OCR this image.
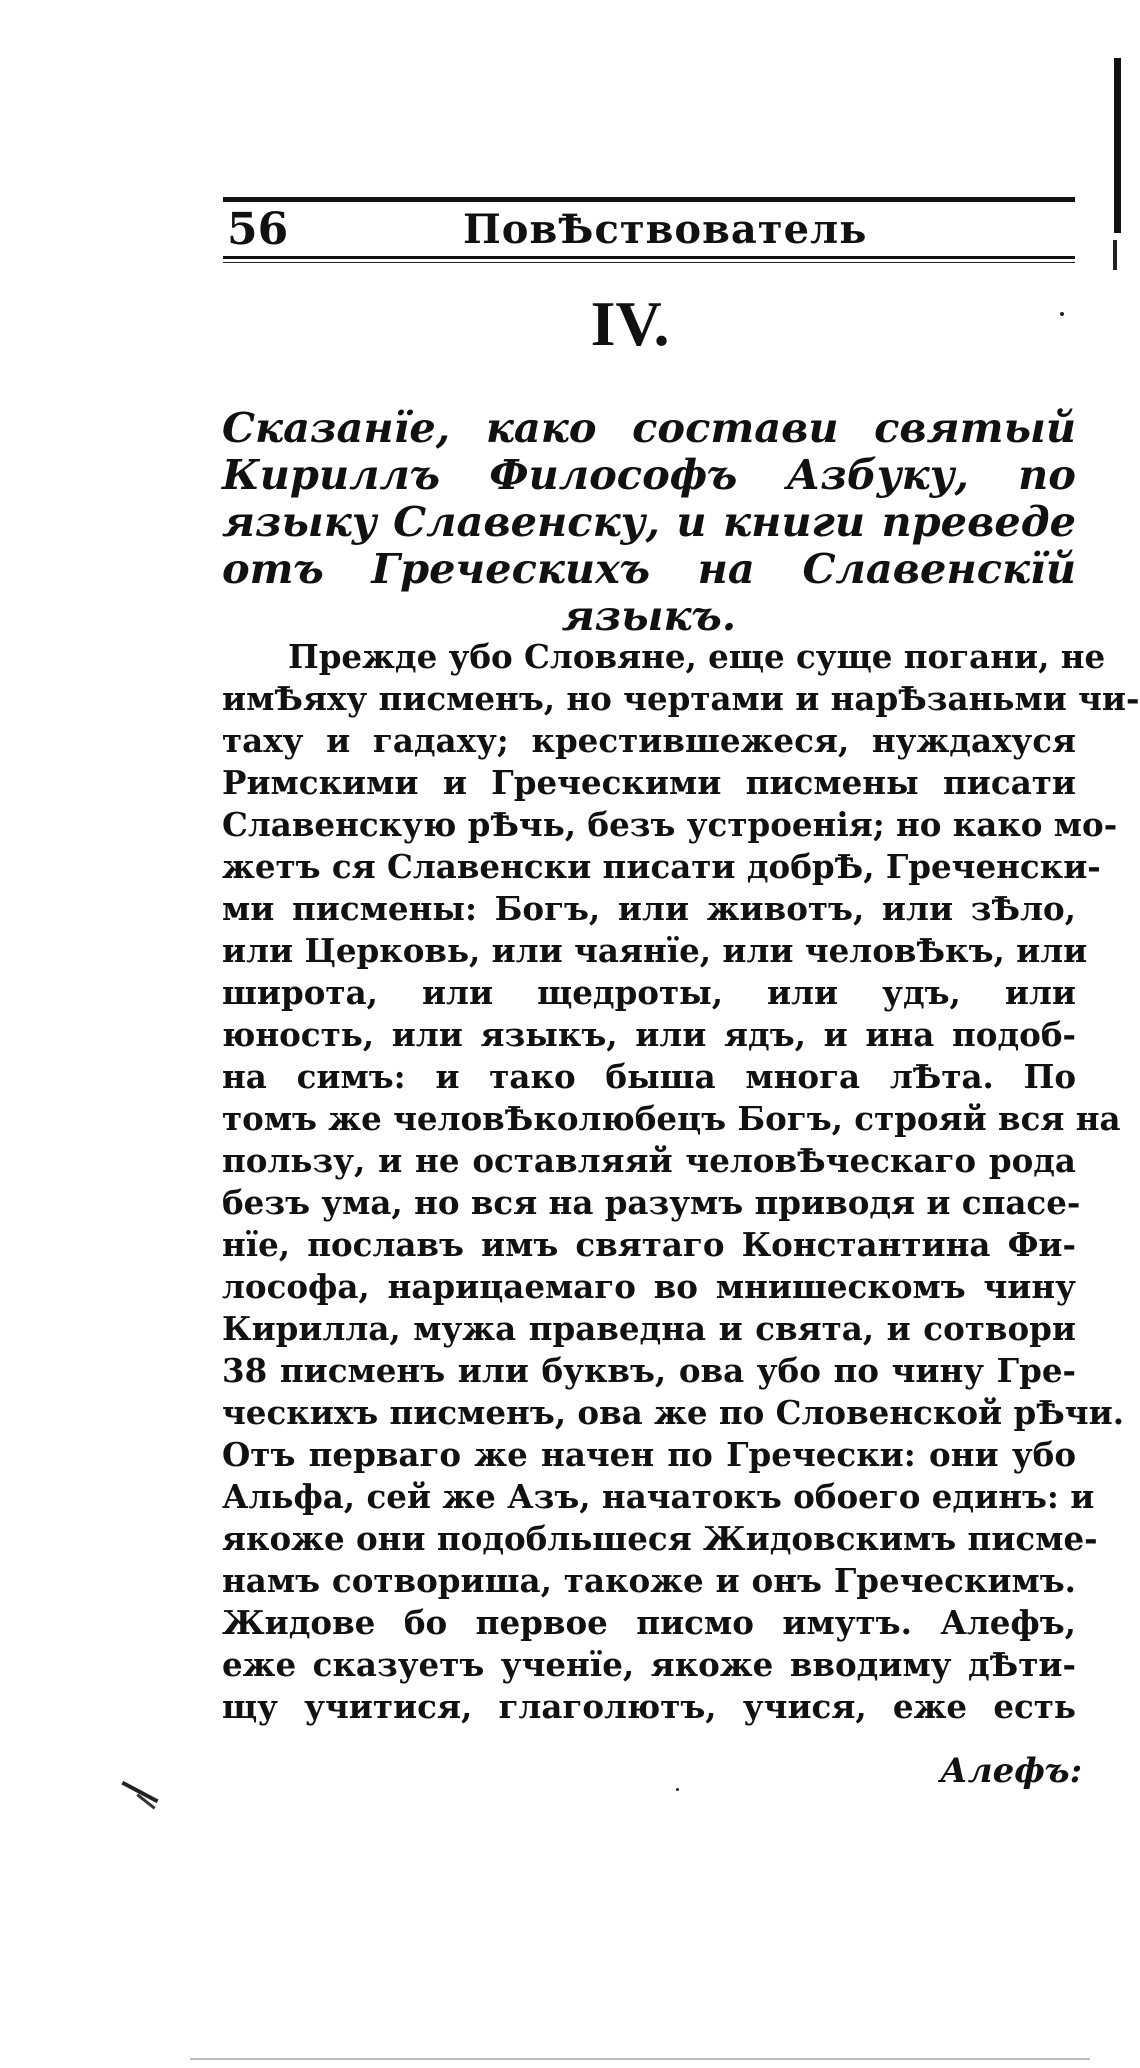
56	ПовѢствователь
IV.

Сказанїе, како состави святый Кириллъ Философъ Азбуку, по языку Славенску, и книги преведе отъ Греческихъ на Славенскїй языкъ.

Прежде убо Словяне, еще суще погани, не
имѢяху писменъ, но чертами и нарѢзаньми чи-
таху и гадаху; крестившежеся, нуждахуся
Римскими и Греческими писмены писати
Славенскую рѢчь, безъ устроенія; но како мо-
жетъ ся Славенски писати добрѢ, Греченски-
ми писмены: Богъ, или животъ, или зѢло,
или Церковь, или чаянїе, или человѢкъ, или
широта, или щедроты, или удъ, или
юность, или языкъ, или ядъ, и ина подоб-
на симъ: и тако быша многа лѢта. По
томъ же человѢколюбецъ Богъ, строяй вся на
пользу, и не оставляяй человѢческаго рода
безъ ума, но вся на разумъ приводя и спасе-
нїе, пославъ имъ святаго Константина Фи-
лософа, нарицаемаго во мнишескомъ чину
Кирилла, мужа праведна и свята, и сотвори
38 писменъ или буквъ, ова убо по чину Гре-
ческихъ писменъ, ова же по Словенской рѢчи.
Отъ перваго же начен по Гречески: они убо
Альфа, сей же Азъ, начатокъ обоего единъ: и
якоже они подобльшеся Жидовскимъ писме-
намъ сотвориша, такоже и онъ Греческимъ.
Жидове бо первое писмо имутъ. Алефъ,
еже сказуетъ ученїе, якоже вводиму дѢти-
щу учитися, глаголютъ, учися, еже есть
Алефъ:
